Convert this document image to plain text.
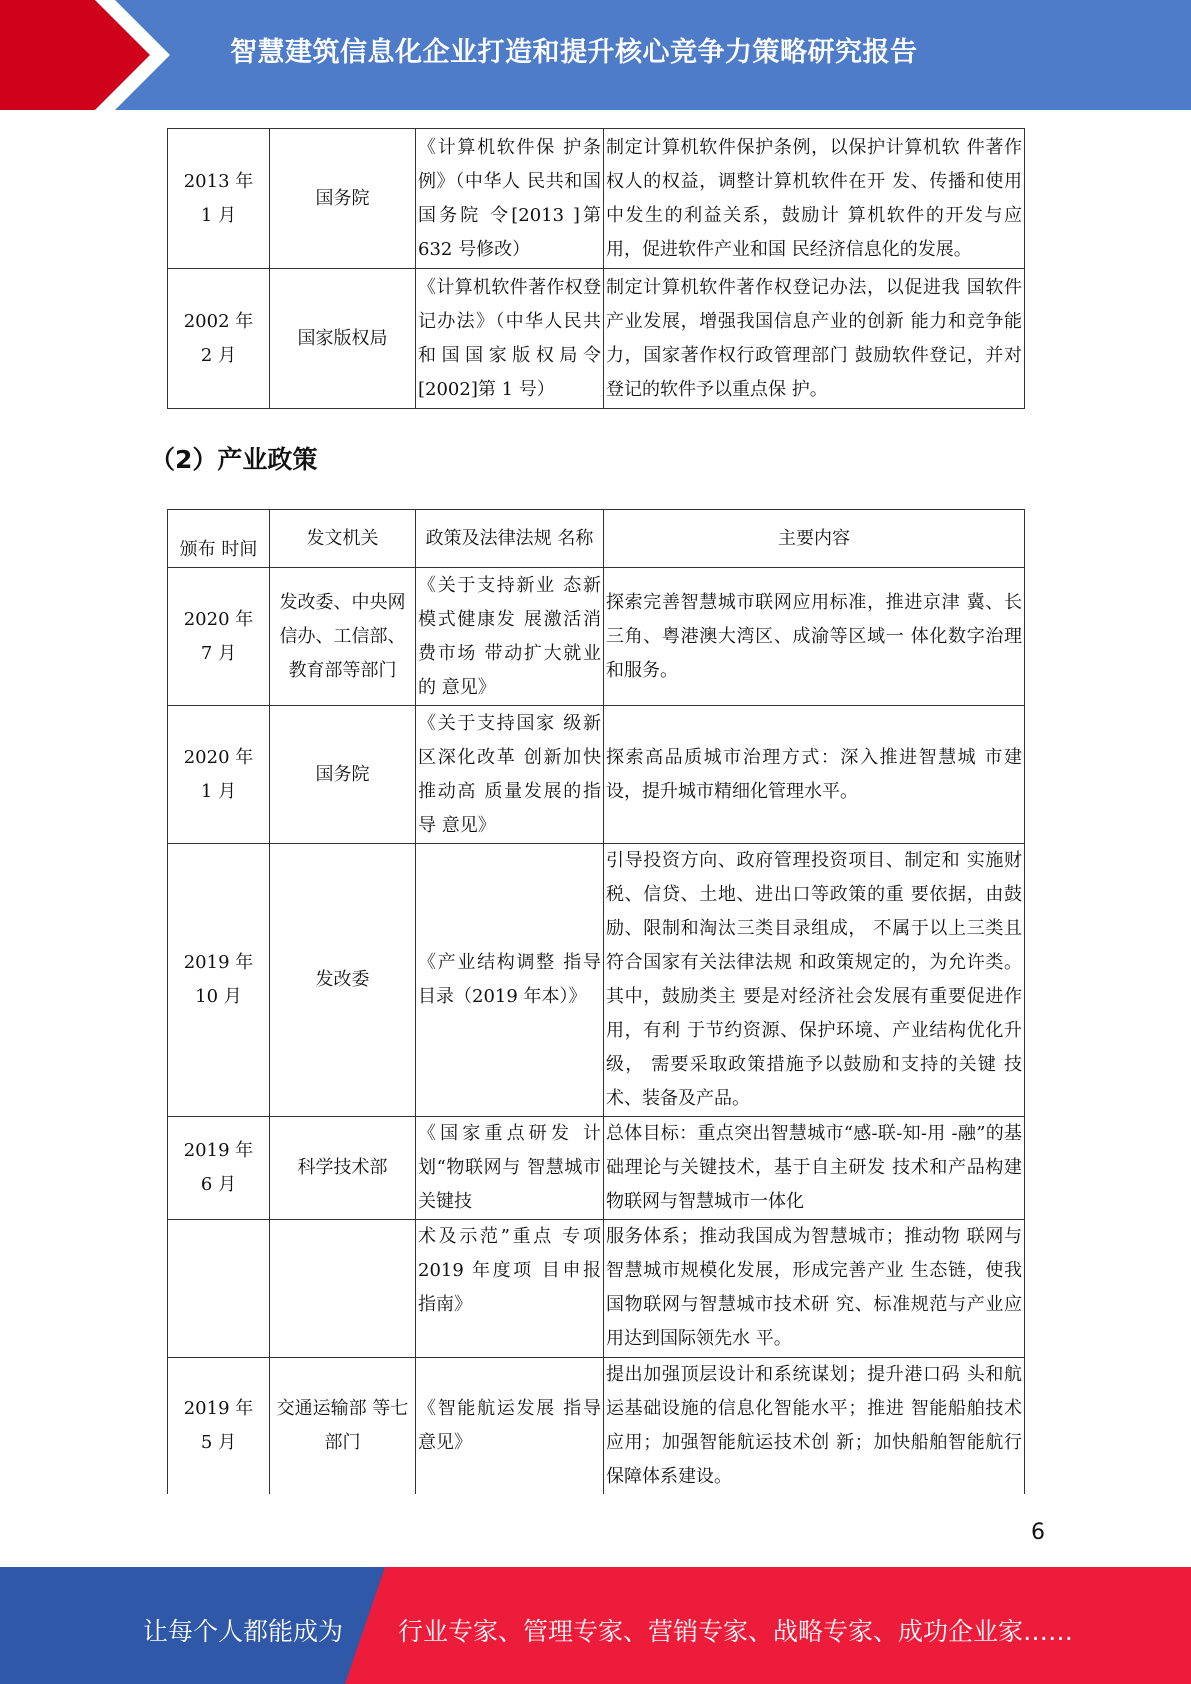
智慧建筑信息化企业打造和提升核心竞争力策略研究报告
2013 年
1 月	国务院	《计算机软件保 护条例》（中华人 民共和国国务院 令[2013 ]第 632 号修改）	制定计算机软件保护条例，以保护计算机软 件著作权人的权益，调整计算机软件在开 发、传播和使用中发生的利益关系，鼓励计 算机软件的开发与应用，促进软件产业和国 民经济信息化的发展。

2002 年
2 月	国家版权局	《计算机软件著作权登记办法》（中华人民共和国国家版权局令[2002]第 1 号）	制定计算机软件著作权登记办法，以促进我 国软件产业发展，增强我国信息产业的创新 能力和竞争能力，国家著作权行政管理部门 鼓励软件登记，并对登记的软件予以重点保 护。
（2）产业政策
颁布 时间	发文机关	政策及法律法规 名称	主要内容

2020 年
7 月	发改委、中央网信办、工信部、教育部等部门	《关于支持新业 态新模式健康发 展激活消费市场 带动扩大就业的 意见》	探索完善智慧城市联网应用标准，推进京津 冀、长三角、粤港澳大湾区、成渝等区域一 体化数字治理和服务。

2020 年
1 月	国务院	《关于支持国家 级新区深化改革 创新加快推动高 质量发展的指导 意见》	探索高品质城市治理方式：深入推进智慧城 市建设，提升城市精细化管理水平。

2019 年
10 月	发改委	《产业结构调整 指导目录（2019 年本）》	引导投资方向、政府管理投资项目、制定和 实施财税、信贷、土地、进出口等政策的重 要依据，由鼓励、限制和淘汰三类目录组成， 不属于以上三类且符合国家有关法律法规 和政策规定的，为允许类。其中，鼓励类主 要是对经济社会发展有重要促进作用，有利 于节约资源、保护环境、产业结构优化升级， 需要采取政策措施予以鼓励和支持的关键 技术、装备及产品。

2019 年
6 月	科学技术部	《国家重点研发 计划“物联网与 智慧城市关键技	总体目标：重点突出智慧城市“感-联-知-用 -融”的基础理论与关键技术，基于自主研发 技术和产品构建物联网与智慧城市一体化

		术及示范”重点 专项 2019 年度项 目申报指南》	服务体系；推动我国成为智慧城市；推动物 联网与智慧城市规模化发展，形成完善产业 生态链，使我国物联网与智慧城市技术研 究、标准规范与产业应用达到国际领先水 平。

2019 年
5 月	交通运输部 等七部门	《智能航运发展 指导意见》	提出加强顶层设计和系统谋划；提升港口码 头和航运基础设施的信息化智能水平；推进 智能船舶技术应用；加强智能航运技术创 新；加快船舶智能航行保障体系建设。
6
让每个人都能成为 行业专家、管理专家、营销专家、战略专家、成功企业家……
